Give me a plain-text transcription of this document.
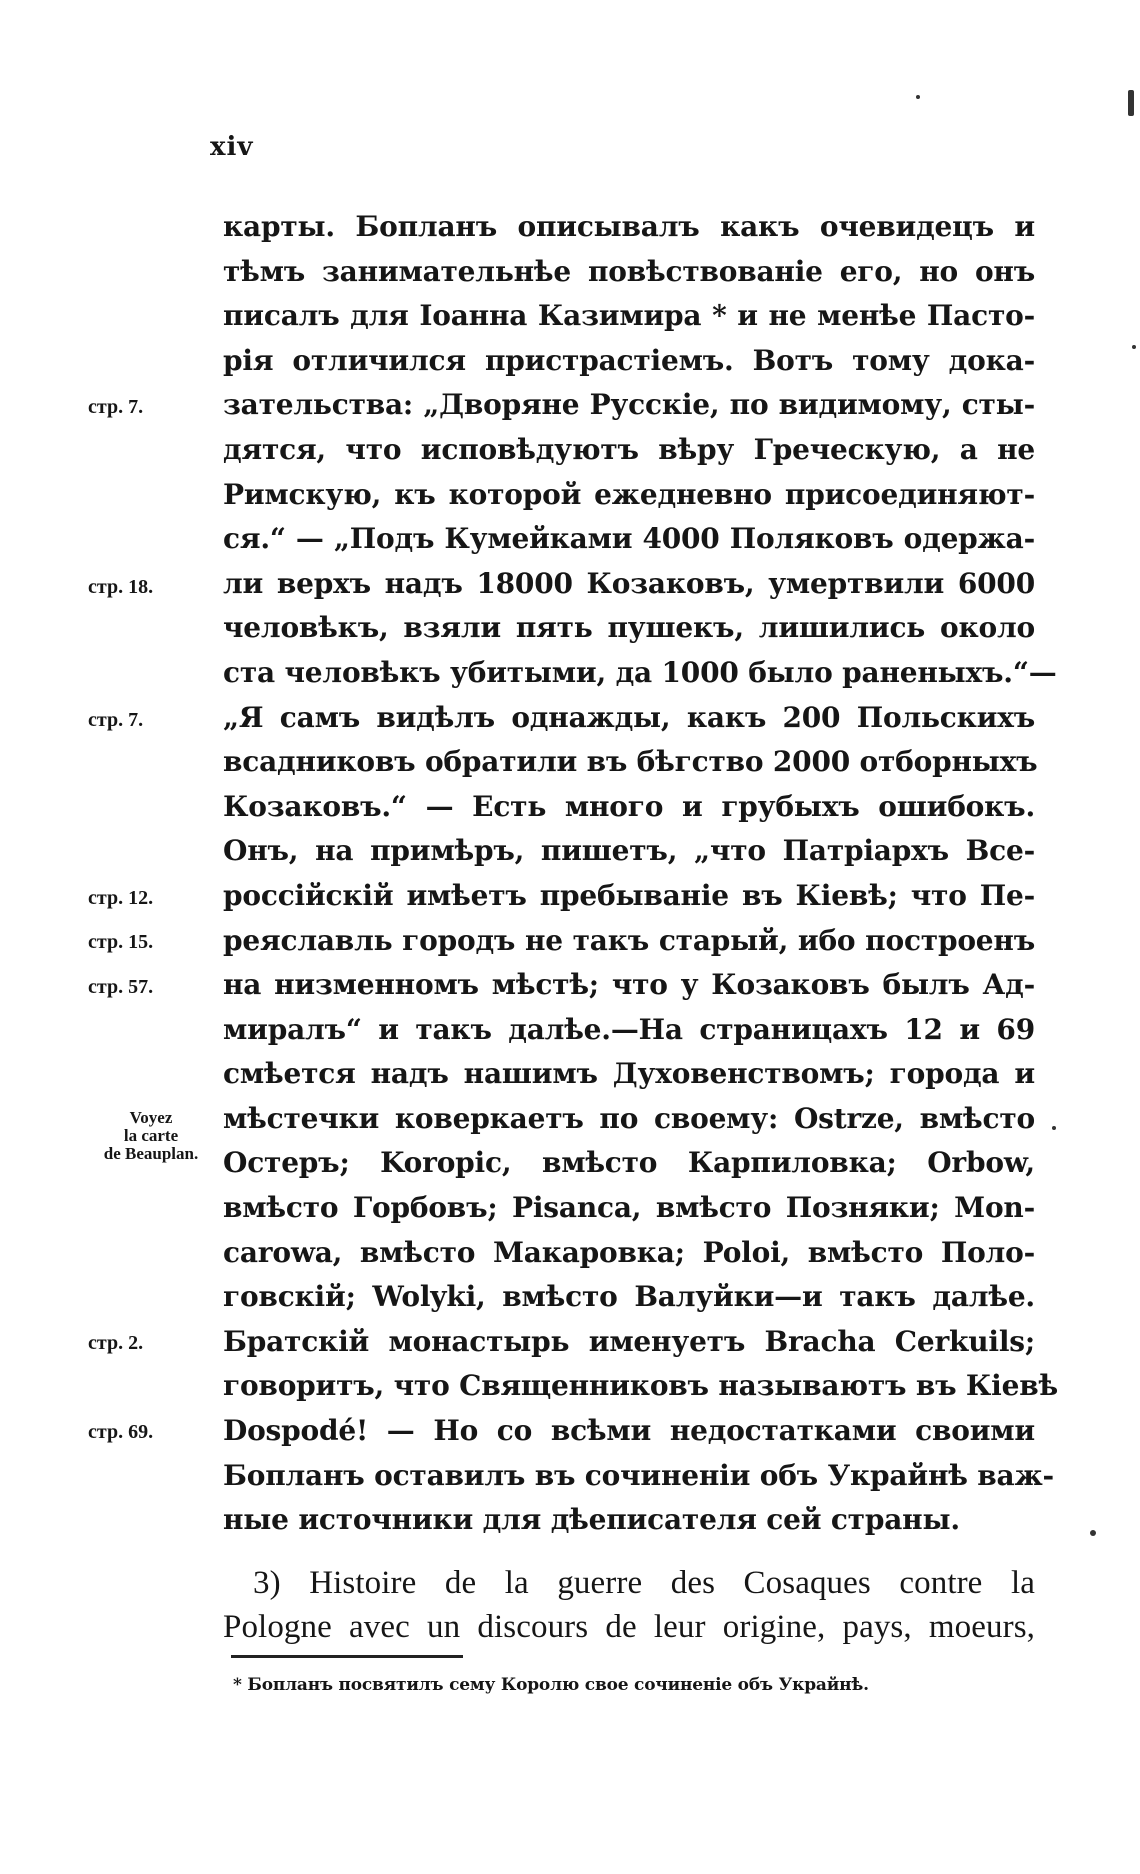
xiv
карты. Бопланъ описывалъ какъ очевидецъ и
тѣмъ занимательнѣе повѣствованіе его, но онъ
писалъ для Іоанна Казимира * и не менѣе Пасто-
рія отличился пристрастіемъ. Вотъ тому дока-
зательства: „Дворяне Русскіе, по видимому, сты-
дятся, что исповѣдуютъ вѣру Греческую, а не
Римскую, къ которой ежедневно присоединяют-
ся.“ — „Подъ Кумейками 4000 Поляковъ одержа-
ли верхъ надъ 18000 Козаковъ, умертвили 6000
человѣкъ, взяли пять пушекъ, лишились около
ста человѣкъ убитыми, да 1000 было раненыхъ.“—
„Я самъ видѣлъ однажды, какъ 200 Польскихъ
всадниковъ обратили въ бѣгство 2000 отборныхъ
Козаковъ.“ — Есть много и грубыхъ ошибокъ.
Онъ, на примѣръ, пишетъ, „что Патріархъ Все-
россійскій имѣетъ пребываніе въ Кіевѣ; что Пе-
реяславль городъ не такъ старый, ибо построенъ
на низменномъ мѣстѣ; что у Козаковъ былъ Ад-
миралъ“ и такъ далѣе.—На страницахъ 12 и 69
смѣется надъ нашимъ Духовенствомъ; города и
мѣстечки коверкаетъ по своему: Ostrze, вмѣсто
Остеръ; Koropic, вмѣсто Карпиловка; Orbow,
вмѣсто Горбовъ; Pisanca, вмѣсто Позняки; Mon-
carowa, вмѣсто Макаровка; Poloi, вмѣсто Поло-
говскій; Wolyki, вмѣсто Валуйки—и такъ далѣе.
Братскій монастырь именуетъ Bracha Cerkuils;
говоритъ, что Священниковъ называютъ въ Кіевѣ
Dospodé! — Но со всѣми недостатками своими
Бопланъ оставилъ въ сочиненіи объ Украйнѣ важ-
ные источники для дѣеписателя сей страны.
3) Histoire de la guerre des Cosaques contre la
Pologne avec un discours de leur origine, pays, moeurs,
стр. 7.
стр. 18.
стр. 7.
стр. 12.
стр. 15.
стр. 57.
Voyez
la carte
de Beauplan.
стр. 2.
стр. 69.
* Бопланъ посвятилъ сему Королю свое сочиненіе объ Украйнѣ.
